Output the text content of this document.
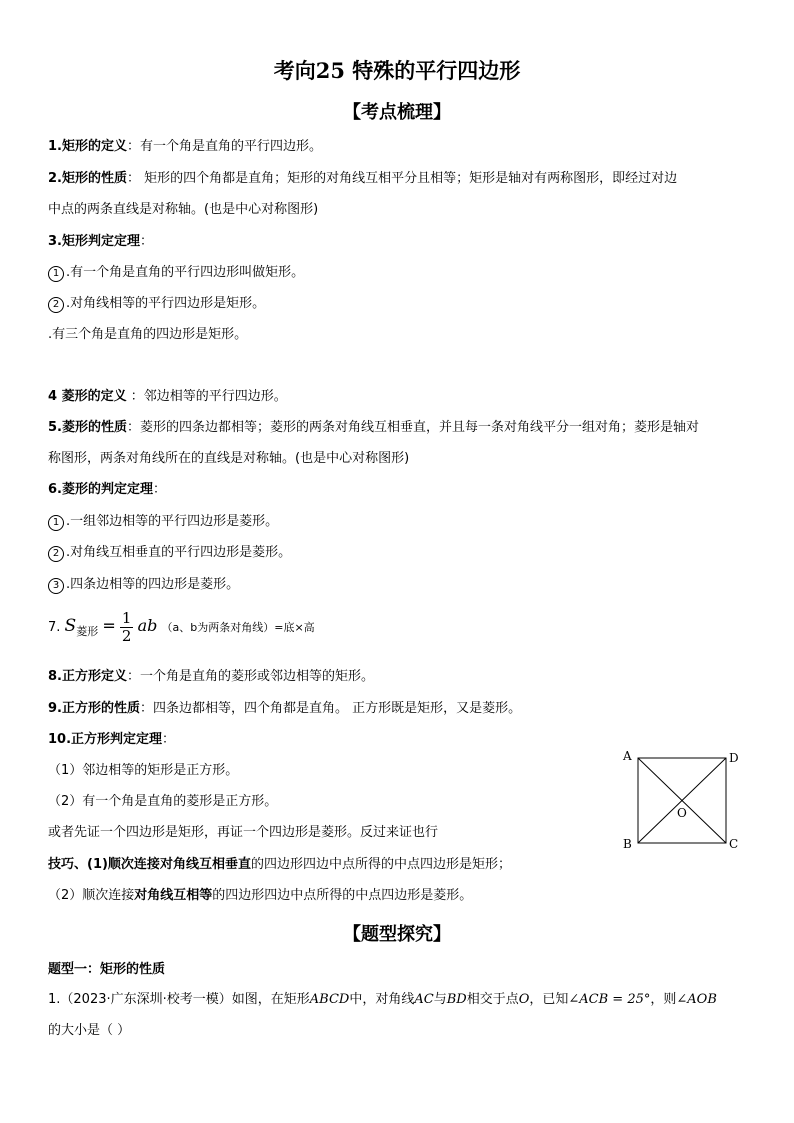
考向25 特殊的平行四边形
【考点梳理】
1.矩形的定义：有一个角是直角的平行四边形。
2.矩形的性质： 矩形的四个角都是直角；矩形的对角线互相平分且相等；矩形是轴对有两称图形，即经过对边
中点的两条直线是对称轴。(也是中心对称图形)
3.矩形判定定理：
1 .有一个角是直角的平行四边形叫做矩形。
2 .对角线相等的平行四边形是矩形。
.有三个角是直角的四边形是矩形。
4 菱形的定义 ：邻边相等的平行四边形。
5.菱形的性质：菱形的四条边都相等；菱形的两条对角线互相垂直，并且每一条对角线平分一组对角；菱形是轴对
称图形，两条对角线所在的直线是对称轴。(也是中心对称图形)
6.菱形的判定定理：
1 .一组邻边相等的平行四边形是菱形。
2 .对角线互相垂直的平行四边形是菱形。
3 .四条边相等的四边形是菱形。
7. $S_{菱形} = \frac{1}{2}$ ab （a、b为两条对角线）=底×高
8.正方形定义：一个角是直角的菱形或邻边相等的矩形。
9.正方形的性质：四条边都相等，四个角都是直角。 正方形既是矩形，又是菱形。
10.正方形判定定理：
（1）邻边相等的矩形是正方形。
（2）有一个角是直角的菱形是正方形。
或者先证一个四边形是矩形，再证一个四边形是菱形。反过来证也行
技巧、(1)顺次连接对角线互相垂直的四边形四边中点所得的中点四边形是矩形；
（2）顺次连接对角线互相等的四边形四边中点所得的中点四边形是菱形。
A	D
B	C
O
【题型探究】
题型一：矩形的性质
1.（2023·广东深圳·校考一模）如图，在矩形ABCD中，对角线AC与BD相交于点O，已知∠ACB = 25°，则∠AOB
的大小是（ ）
